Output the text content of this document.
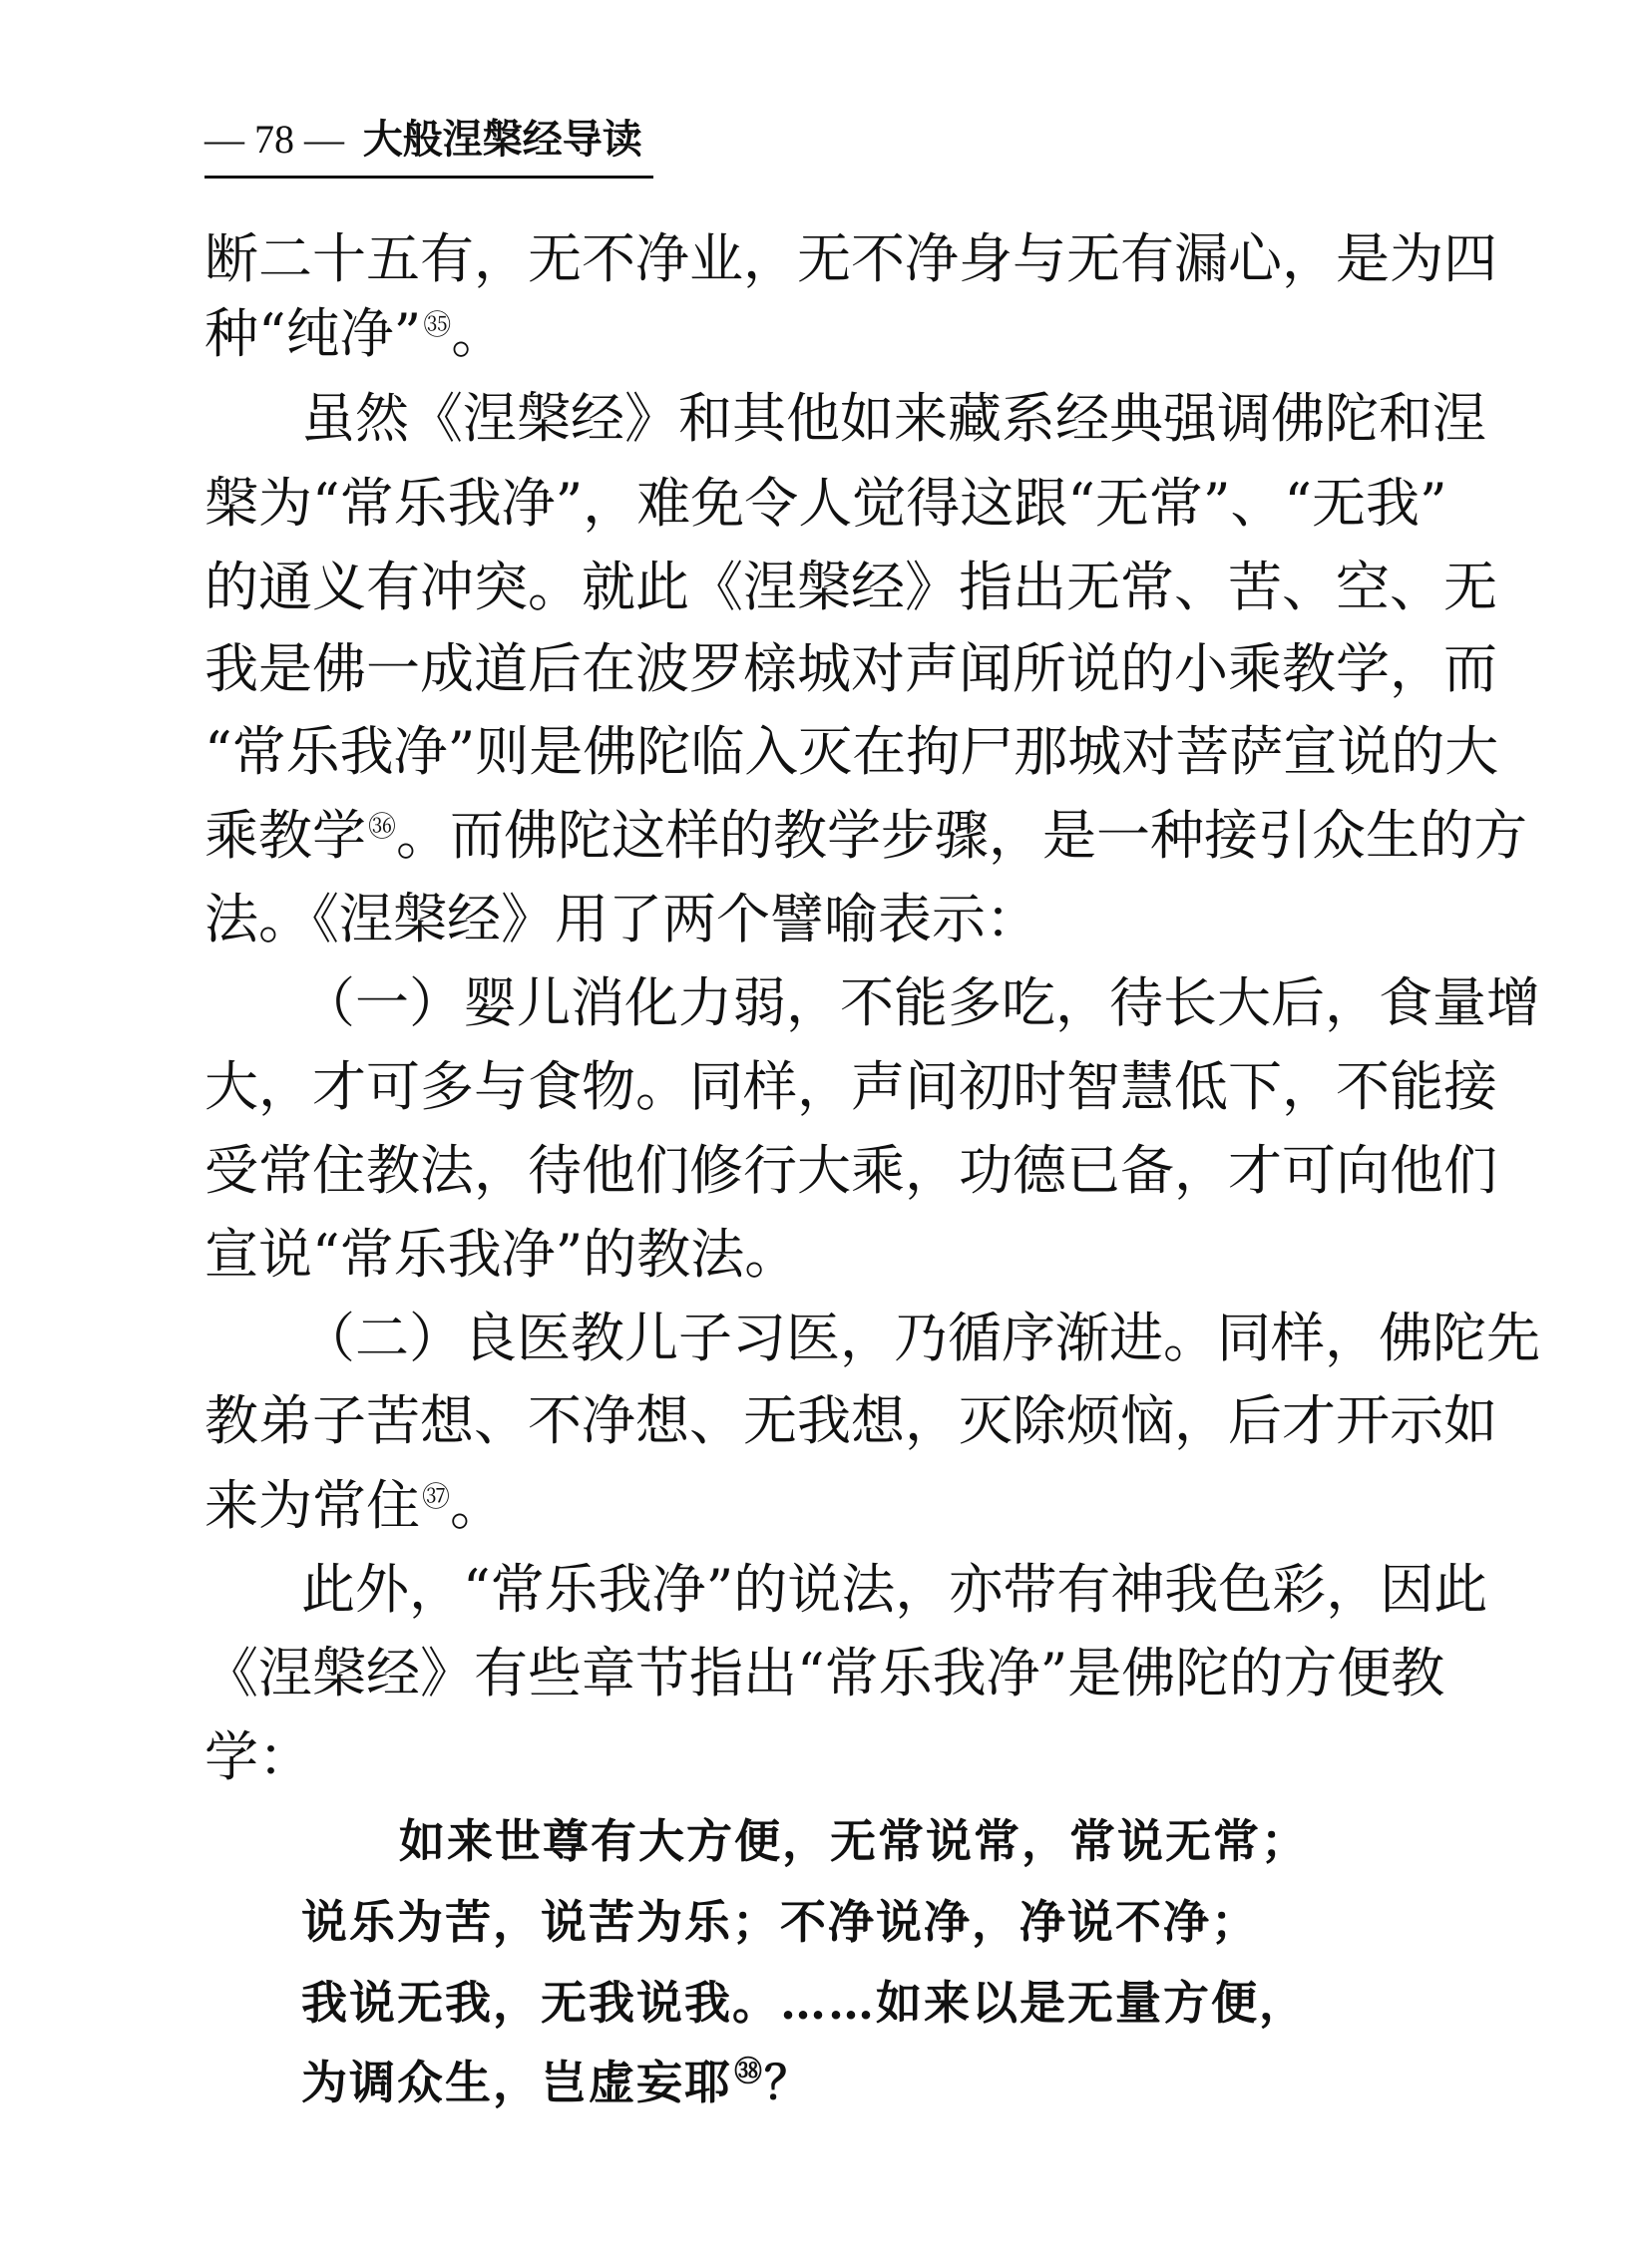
— 78 — 大般涅槃经导读
断二十五有，无不净业，无不净身与无有漏心，是为四
种“纯净”$^㉟$。
虽然《涅槃经》和其他如来藏系经典强调佛陀和涅
槃为“常乐我净”，难免令人觉得这跟“无常”、“无我”
的通义有冲突。就此《涅槃经》指出无常、苦、空、无
我是佛一成道后在波罗榇城对声闻所说的小乘教学，而
“常乐我净”则是佛陀临入灭在拘尸那城对菩萨宣说的大
乘教学$^㊱$。而佛陀这样的教学步骤，是一种接引众生的方
法。《涅槃经》用了两个譬喻表示：
（一）婴儿消化力弱，不能多吃，待长大后，食量增
大，才可多与食物。同样，声间初时智慧低下，不能接
受常住教法，待他们修行大乘，功德已备，才可向他们
宣说“常乐我净”的教法。
（二）良医教儿子习医，乃循序渐进。同样，佛陀先
教弟子苦想、不净想、无我想，灭除烦恼，后才开示如
来为常住$^㊲$。
此外，“常乐我净”的说法，亦带有神我色彩，因此
《涅槃经》有些章节指出“常乐我净”是佛陀的方便教
学：
如来世尊有大方便，无常说常，常说无常；
说乐为苦，说苦为乐；不净说净，净说不净；
我说无我，无我说我。……如来以是无量方便，
为调众生，岂虚妄耶$^㊳$？
